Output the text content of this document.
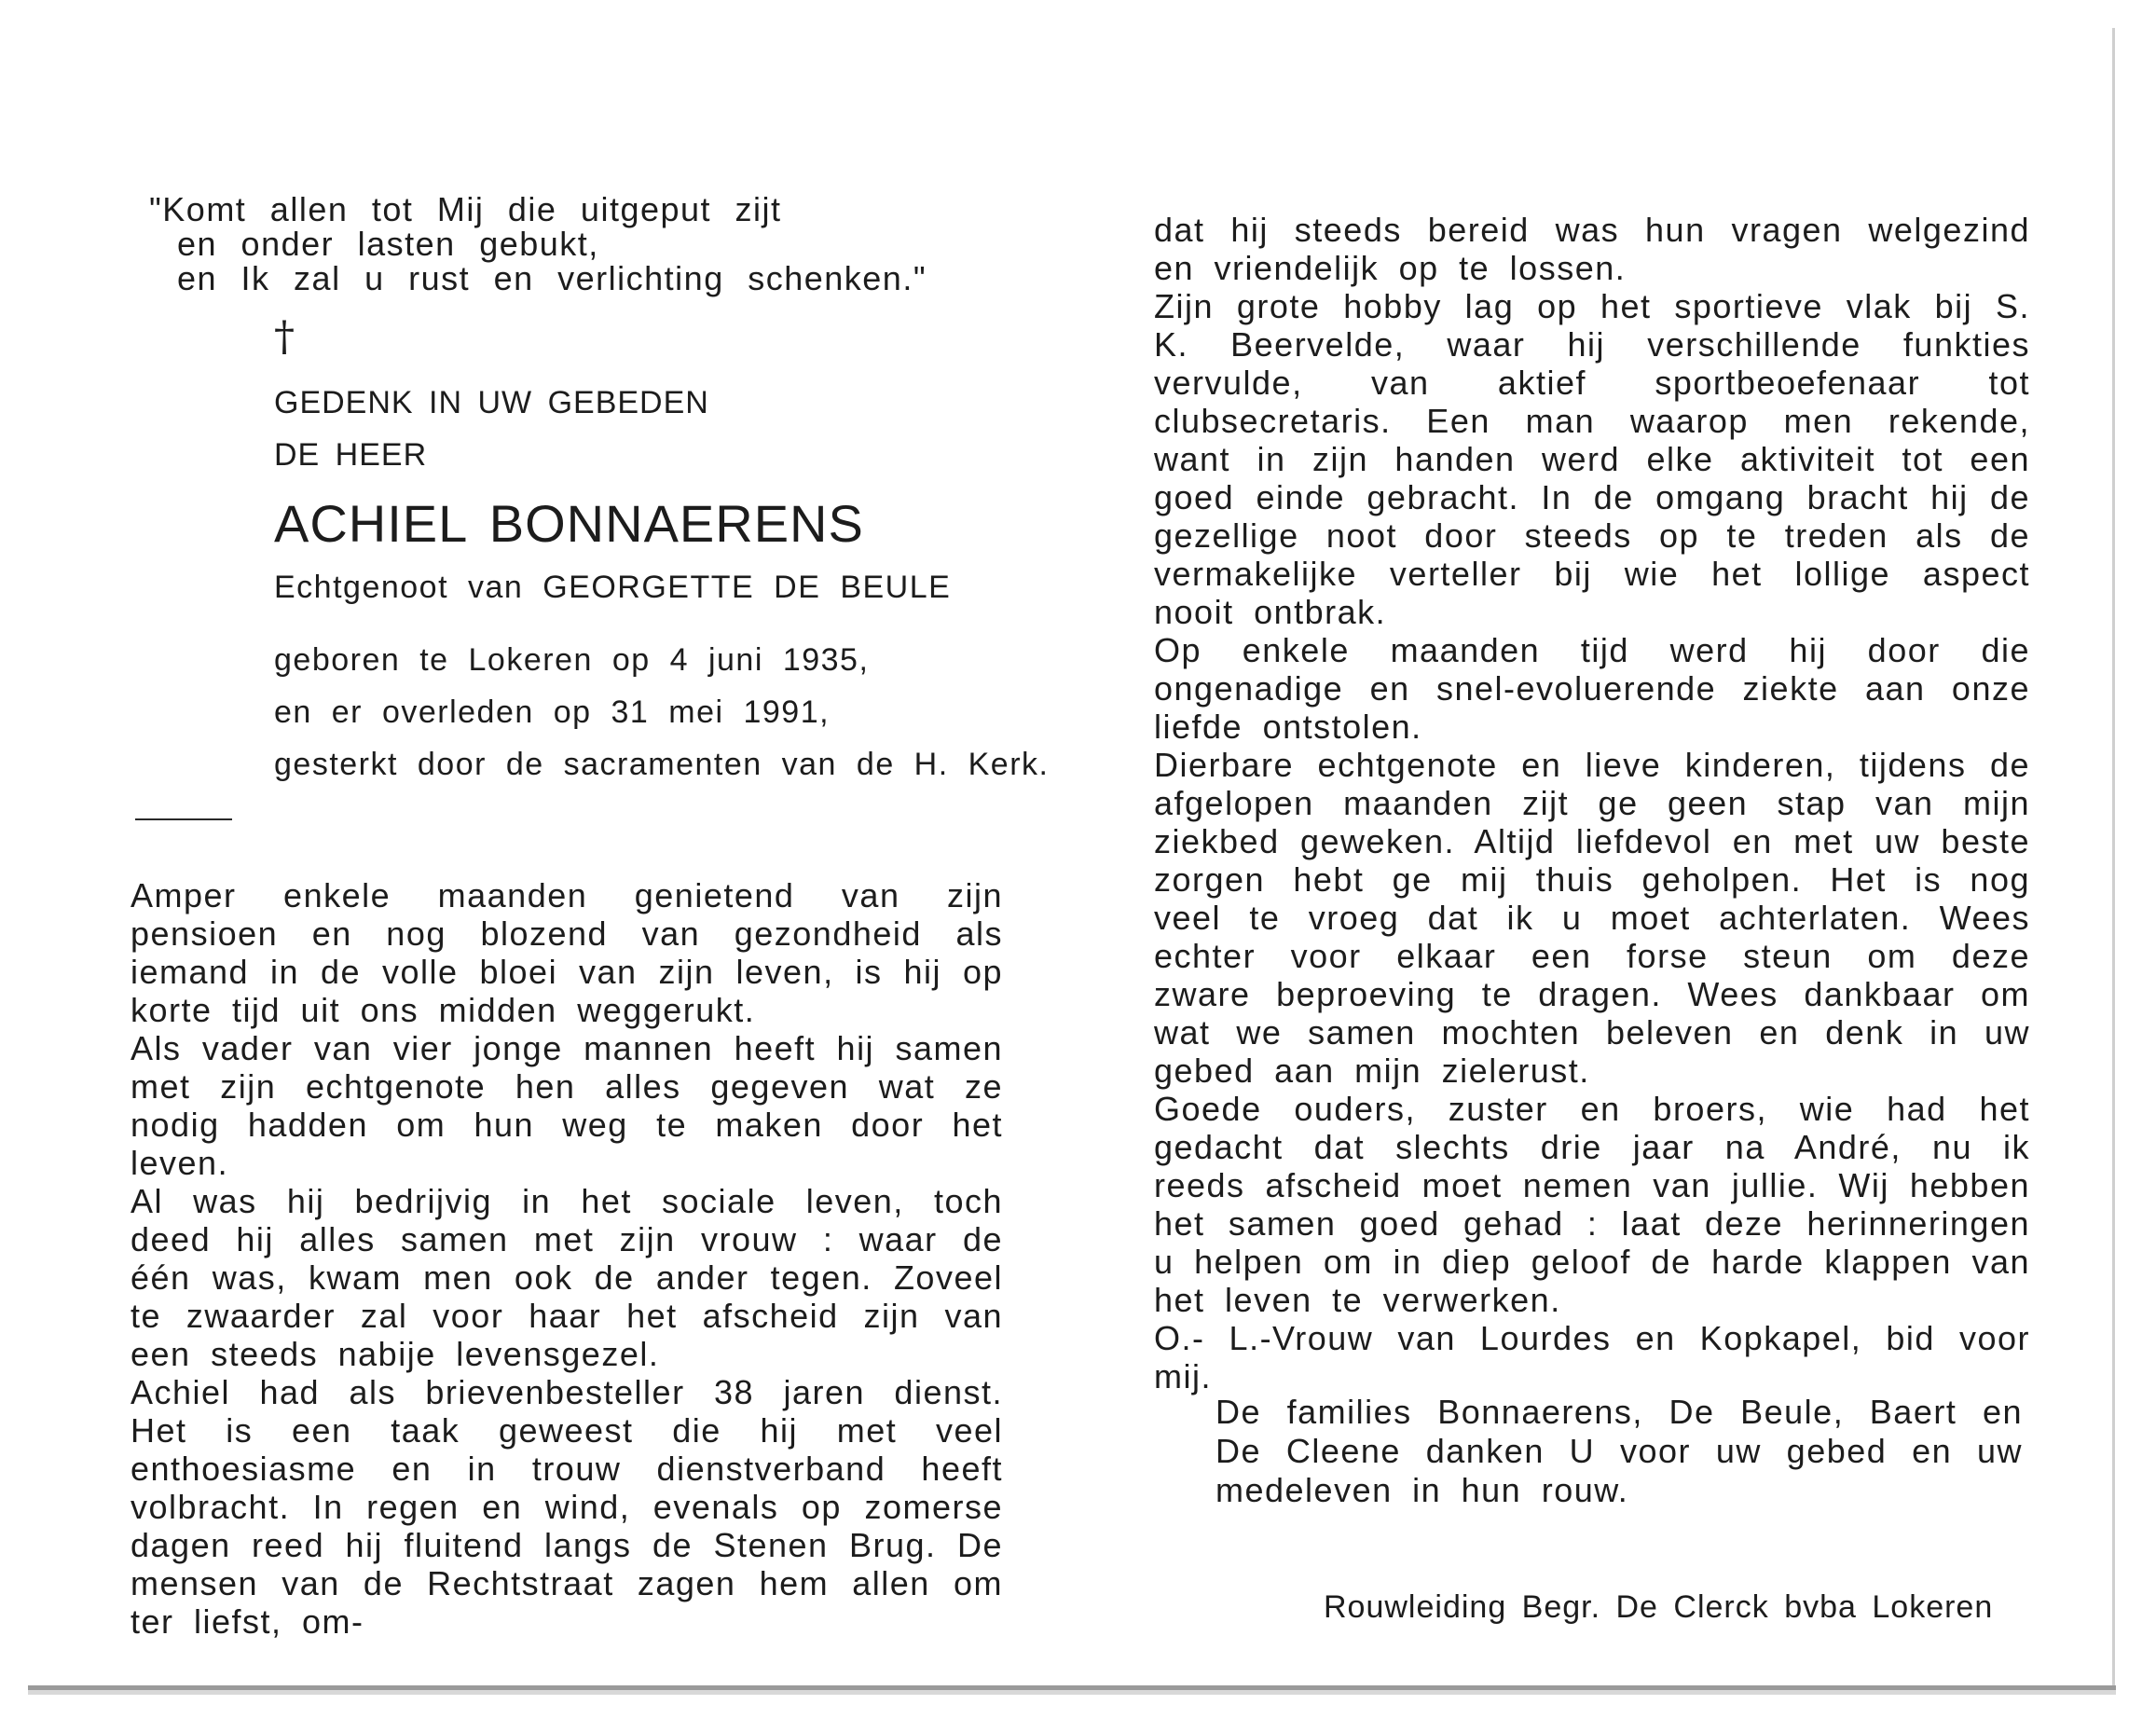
"Komt allen tot Mij die uitgeput zijt
en onder lasten gebukt,
en Ik zal u rust en verlichting schenken."
†
GEDENK IN UW GEBEDEN
DE HEER
ACHIEL BONNAERENS
Echtgenoot van GEORGETTE DE BEULE
geboren te Lokeren op 4 juni 1935,
en er overleden op 31 mei 1991,
gesterkt door de sacramenten van de H. Kerk.

Amper enkele maanden genietend van zijn pensioen en nog blozend van gezondheid als iemand in de volle bloei van zijn leven, is hij op korte tijd uit ons midden weggerukt.

Als vader van vier jonge mannen heeft hij samen met zijn echtgenote hen alles gegeven wat ze nodig hadden om hun weg te maken door het leven.

Al was hij bedrijvig in het sociale leven, toch deed hij alles samen met zijn vrouw : waar de één was, kwam men ook de ander tegen. Zoveel te zwaarder zal voor haar het afscheid zijn van een steeds nabije levensgezel.

Achiel had als brievenbesteller 38 jaren dienst. Het is een taak geweest die hij met veel enthoesiasme en in trouw dienstverband heeft volbracht. In regen en wind, evenals op zomerse dagen reed hij fluitend langs de Stenen Brug. De mensen van de Rechtstraat zagen hem allen om ter liefst, om-

dat hij steeds bereid was hun vragen welgezind en vriendelijk op te lossen.

Zijn grote hobby lag op het sportieve vlak bij S. K. Beervelde, waar hij verschillende funkties vervulde, van aktief sportbeoefenaar tot clubsecretaris. Een man waarop men rekende, want in zijn handen werd elke aktiviteit tot een goed einde gebracht. In de omgang bracht hij de gezellige noot door steeds op te treden als de vermakelijke verteller bij wie het lollige aspect nooit ontbrak.

Op enkele maanden tijd werd hij door die ongenadige en snel-evoluerende ziekte aan onze liefde ontstolen.

Dierbare echtgenote en lieve kinderen, tijdens de afgelopen maanden zijt ge geen stap van mijn ziekbed geweken. Altijd liefdevol en met uw beste zorgen hebt ge mij thuis geholpen. Het is nog veel te vroeg dat ik u moet achterlaten. Wees echter voor elkaar een forse steun om deze zware beproeving te dragen. Wees dankbaar om wat we samen mochten beleven en denk in uw gebed aan mijn zielerust.

Goede ouders, zuster en broers, wie had het gedacht dat slechts drie jaar na André, nu ik reeds afscheid moet nemen van jullie. Wij hebben het samen goed gehad : laat deze herinneringen u helpen om in diep geloof de harde klappen van het leven te verwerken.

O.- L.-Vrouw van Lourdes en Kopkapel, bid voor mij.

De families Bonnaerens, De Beule, Baert en De Cleene danken U voor uw gebed en uw medeleven in hun rouw.
Rouwleiding Begr. De Clerck bvba Lokeren
